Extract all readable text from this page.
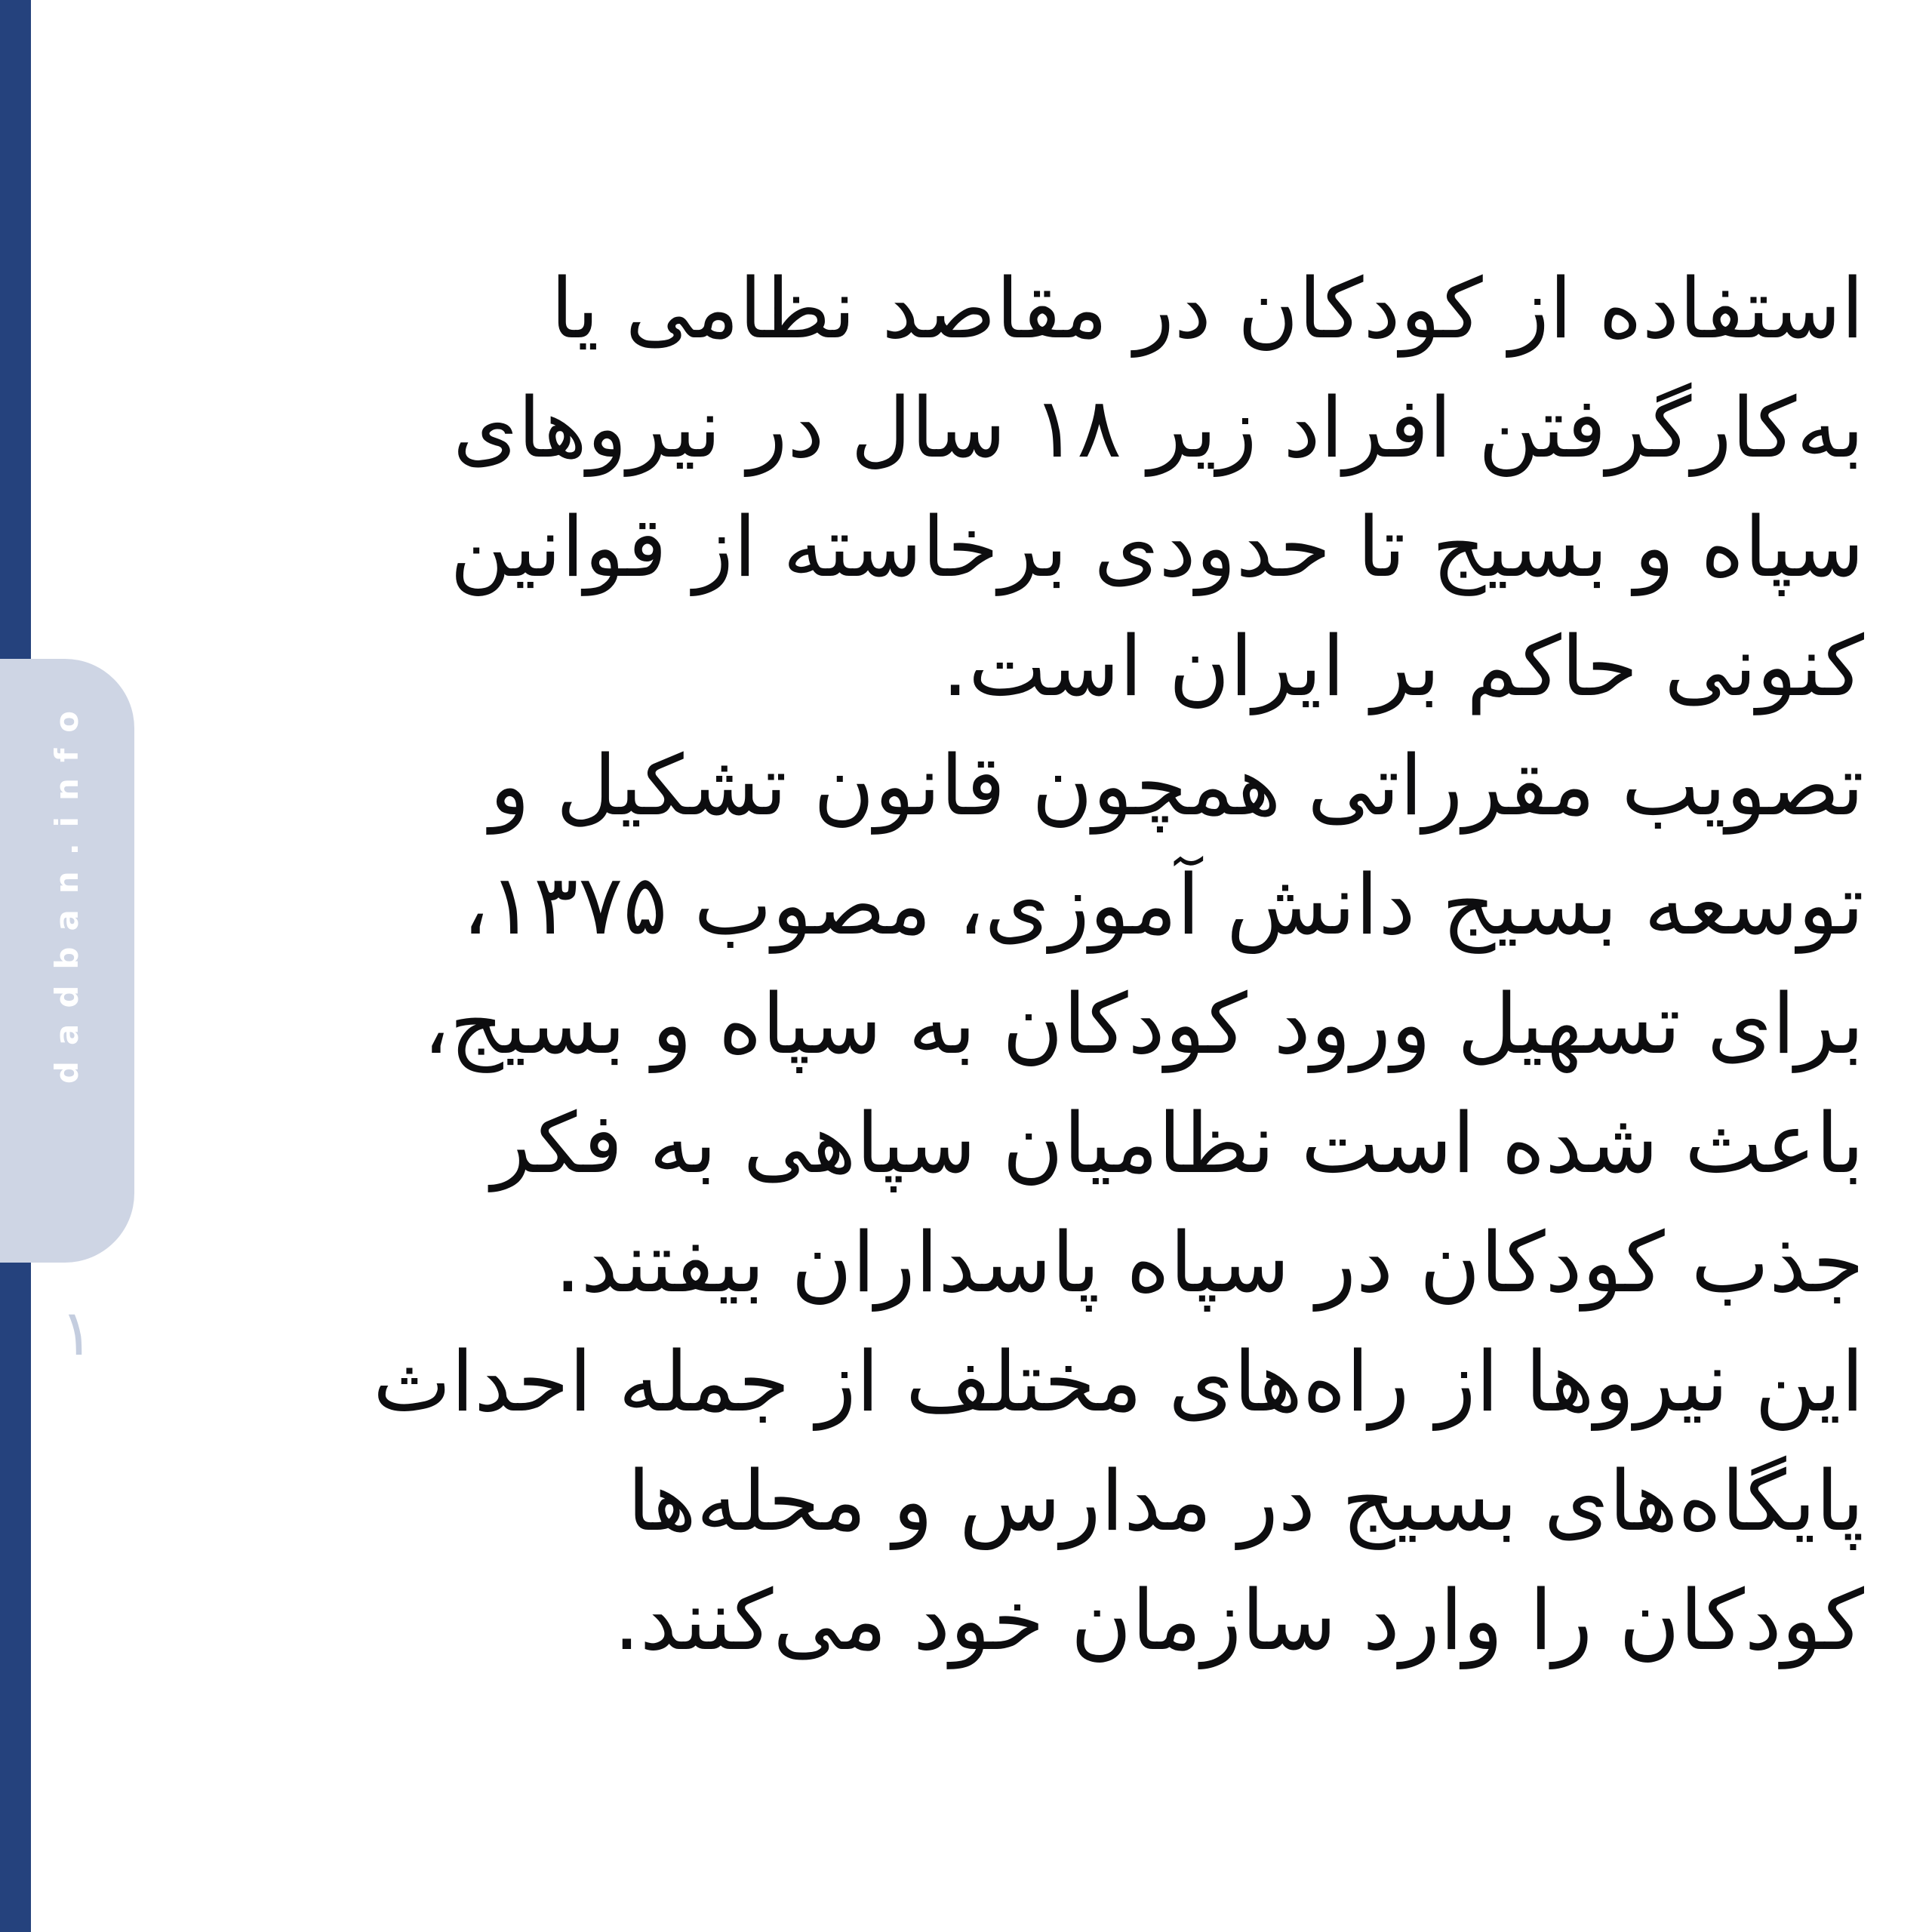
dadban.info
۱
استفاده از کودکان در مقاصد نظامی یا
به‌کارگرفتن افراد زیر ۱۸ سال در نیروهای
سپاه و بسیج تا حدودی برخاسته از قوانین
کنونی حاکم بر ایران است.
تصویب مقرراتی همچون قانون تشکیل و
توسعه بسیج دانش آموزی، مصوب ۱۳۷۵،
برای تسهیل ورود کودکان به سپاه و بسیج،
باعث شده است نظامیان سپاهی به فکر
جذب کودکان در سپاه پاسداران بیفتند.
این نیروها از راه‌های مختلف از جمله احداث
پایگاه‌های بسیج در مدارس و محله‌ها
کودکان را وارد سازمان خود می‌کنند.
